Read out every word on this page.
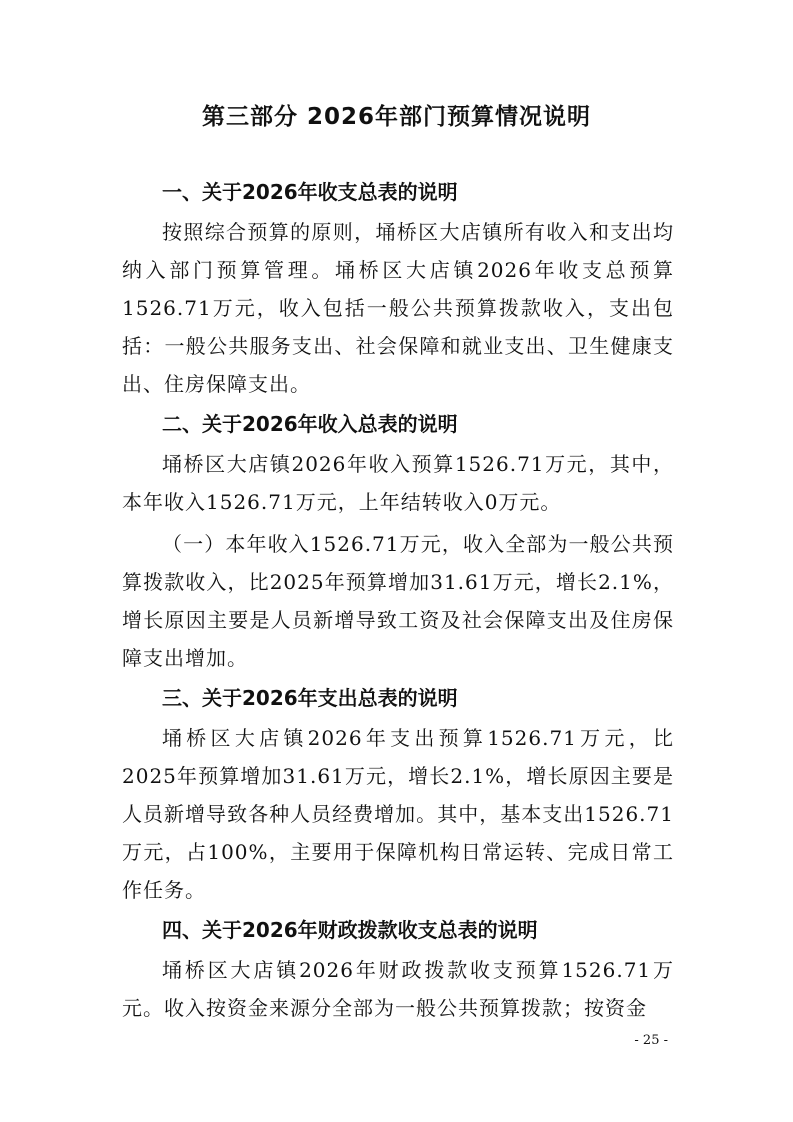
第三部分 2026年部门预算情况说明
一、关于2026年收支总表的说明
按照综合预算的原则，埇桥区大店镇所有收入和支出均纳入部门预算管理。埇桥区大店镇2026年收支总预算1526.71万元，收入包括一般公共预算拨款收入，支出包括：一般公共服务支出、社会保障和就业支出、卫生健康支出、住房保障支出。
二、关于2026年收入总表的说明
埇桥区大店镇2026年收入预算1526.71万元，其中，本年收入1526.71万元，上年结转收入0万元。
（一）本年收入1526.71万元，收入全部为一般公共预算拨款收入，比2025年预算增加31.61万元，增长2.1%，增长原因主要是人员新增导致工资及社会保障支出及住房保障支出增加。
三、关于2026年支出总表的说明
埇桥区大店镇2026年支出预算1526.71万元，比2025年预算增加31.61万元，增长2.1%，增长原因主要是人员新增导致各种人员经费增加。其中，基本支出1526.71万元，占100%，主要用于保障机构日常运转、完成日常工作任务。
四、关于2026年财政拨款收支总表的说明
埇桥区大店镇2026年财政拨款收支预算1526.71万元。收入按资金来源分全部为一般公共预算拨款；按资金
- 25 -
